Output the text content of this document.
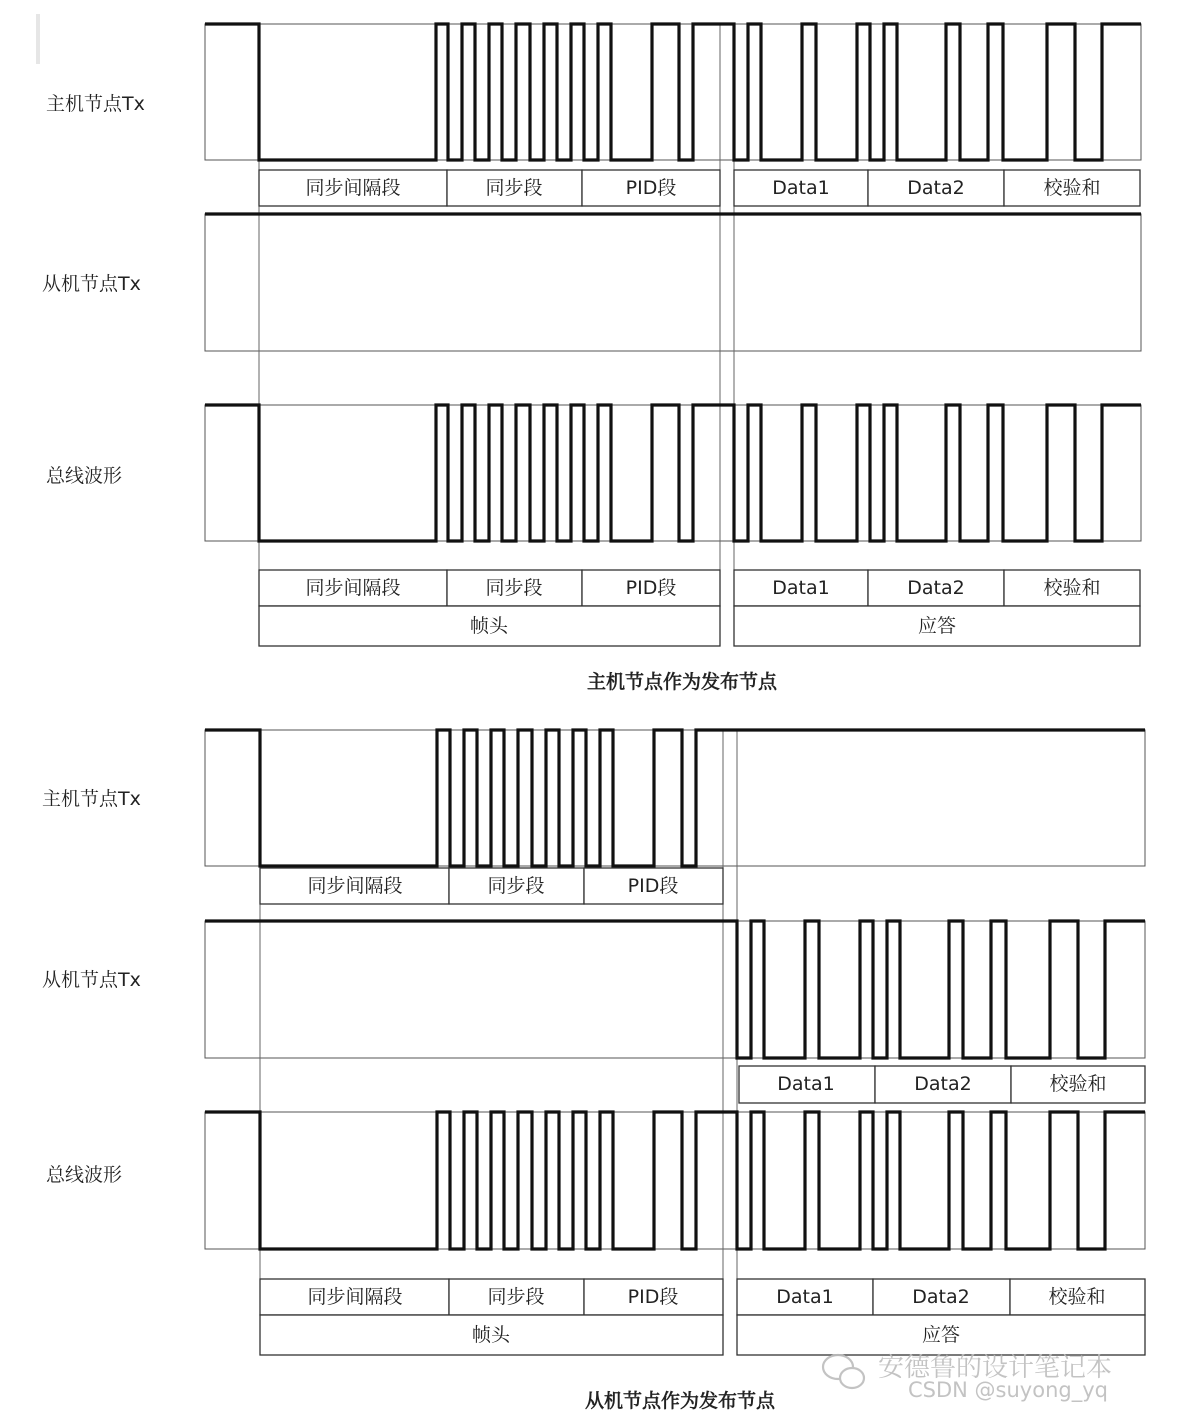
主机节点Tx
从机节点Tx
总线波形
同步间隔段	同步段	PID段	Data1	Data2	校验和
同步间隔段	同步段	PID段	Data1	Data2	校验和
帧头	应答
主机节点作为发布节点
主机节点Tx
从机节点Tx
总线波形
同步间隔段	同步段	PID段
Data1	Data2	校验和
同步间隔段	同步段	PID段	Data1	Data2	校验和
帧头	应答
从机节点作为发布节点
安德鲁的设计笔记本
CSDN @suyong_yq
